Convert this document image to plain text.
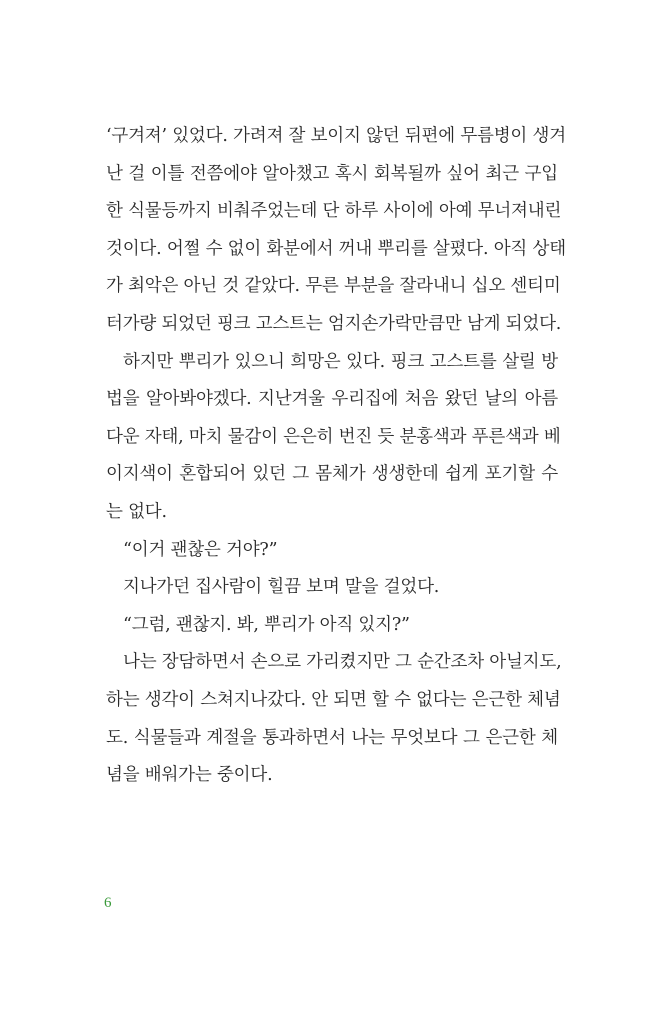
‘구겨져’ 있었다. 가려져 잘 보이지 않던 뒤편에 무름병이 생겨
난 걸 이틀 전쯤에야 알아챘고 혹시 회복될까 싶어 최근 구입
한 식물등까지 비춰주었는데 단 하루 사이에 아예 무너져내린
것이다. 어쩔 수 없이 화분에서 꺼내 뿌리를 살폈다. 아직 상태
가 최악은 아닌 것 같았다. 무른 부분을 잘라내니 십오 센티미
터가량 되었던 핑크 고스트는 엄지손가락만큼만 남게 되었다.
하지만 뿌리가 있으니 희망은 있다. 핑크 고스트를 살릴 방
법을 알아봐야겠다. 지난겨울 우리집에 처음 왔던 날의 아름
다운 자태, 마치 물감이 은은히 번진 듯 분홍색과 푸른색과 베
이지색이 혼합되어 있던 그 몸체가 생생한데 쉽게 포기할 수
는 없다.
“이거 괜찮은 거야?”
지나가던 집사람이 힐끔 보며 말을 걸었다.
“그럼, 괜찮지. 봐, 뿌리가 아직 있지?”
나는 장담하면서 손으로 가리켰지만 그 순간조차 아닐지도,
하는 생각이 스쳐지나갔다. 안 되면 할 수 없다는 은근한 체념
도. 식물들과 계절을 통과하면서 나는 무엇보다 그 은근한 체
념을 배워가는 중이다.
6
